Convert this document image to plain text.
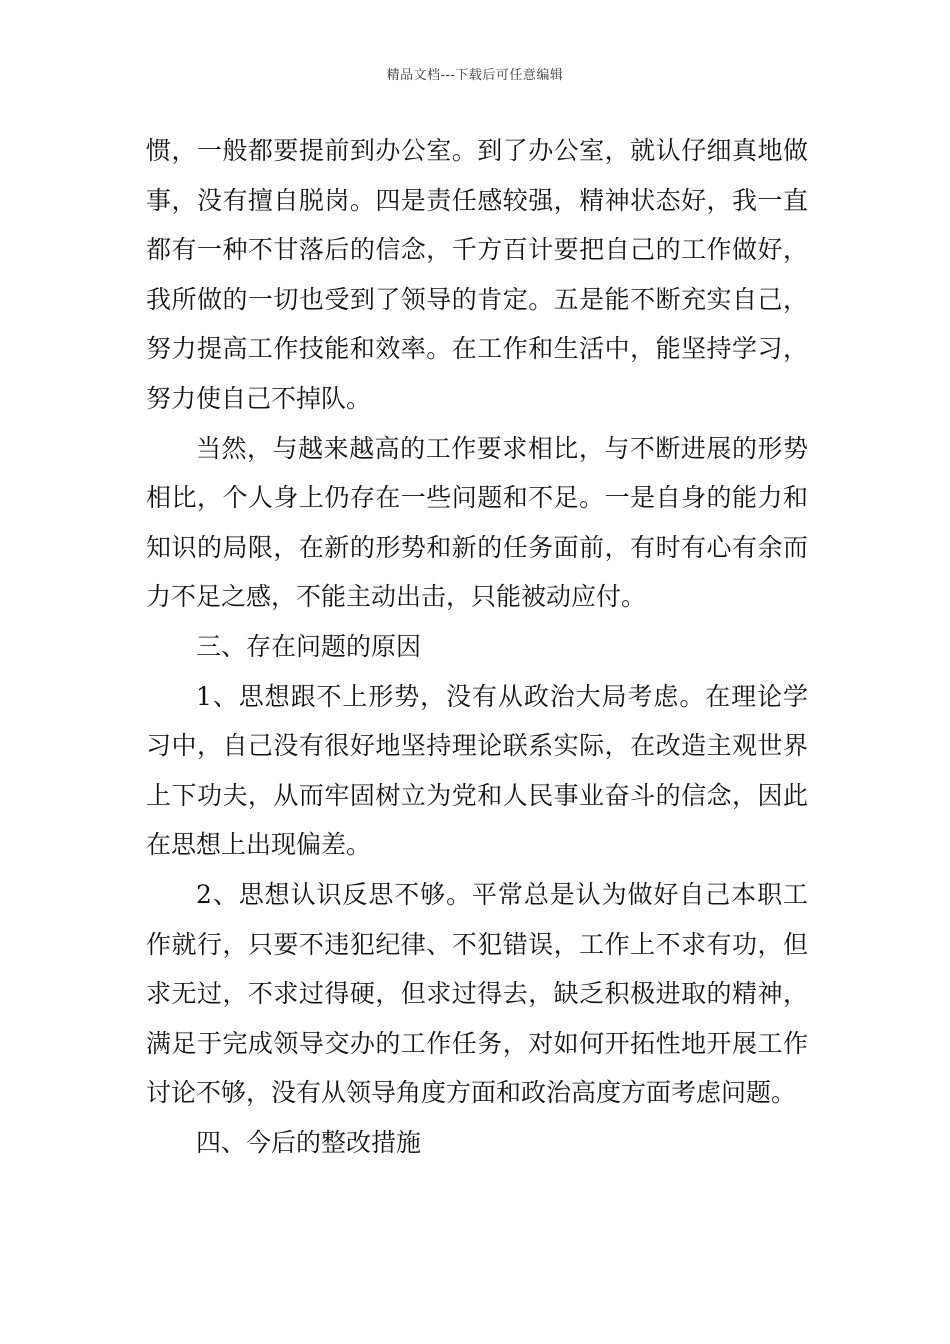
精品文档---下载后可任意编辑

惯，一般都要提前到办公室。到了办公室，就认仔细真地做事，没有擅自脱岗。四是责任感较强，精神状态好，我一直都有一种不甘落后的信念，千方百计要把自己的工作做好，我所做的一切也受到了领导的肯定。五是能不断充实自己，努力提高工作技能和效率。在工作和生活中，能坚持学习，努力使自己不掉队。

当然，与越来越高的工作要求相比，与不断进展的形势相比，个人身上仍存在一些问题和不足。一是自身的能力和知识的局限，在新的形势和新的任务面前，有时有心有余而力不足之感，不能主动出击，只能被动应付。

三、存在问题的原因

1、思想跟不上形势，没有从政治大局考虑。在理论学习中，自己没有很好地坚持理论联系实际，在改造主观世界上下功夫，从而牢固树立为党和人民事业奋斗的信念，因此在思想上出现偏差。

2、思想认识反思不够。平常总是认为做好自己本职工作就行，只要不违犯纪律、不犯错误，工作上不求有功，但求无过，不求过得硬，但求过得去，缺乏积极进取的精神，满足于完成领导交办的工作任务，对如何开拓性地开展工作讨论不够，没有从领导角度方面和政治高度方面考虑问题。

四、今后的整改措施
